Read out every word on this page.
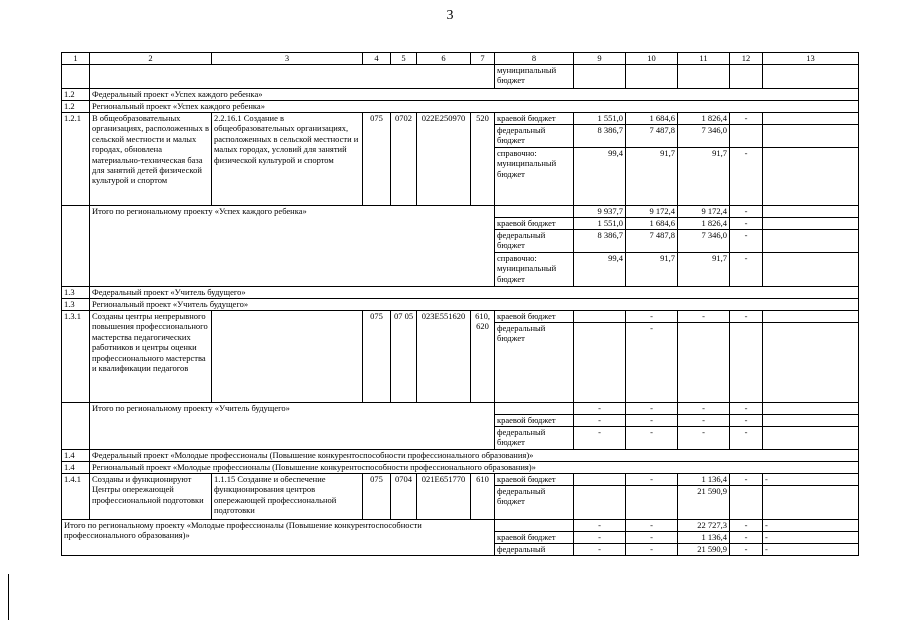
3
1	2	3	4	5	6	7	8	9	10	11	12	13
							муниципальный бюджет					
1.2	Федеральный проект «Успех каждого ребенка»											
1.2	Региональный проект «Успех каждого ребенка»											
1.2.1	В общеобразовательных организациях, расположенных в сельской местности и малых городах, обновлена материально-техническая база для занятий детей физической культурой и спортом	2.2.16.1 Создание в общеобразовательных организациях, расположенных в сельской местности и малых городах, условий для занятий физической культурой и спортом	075	0702	022E250970	520	краевой бюджет	1 551,0	1 684,6	1 826,4	-	
							федеральный бюджет	8 386,7	7 487,8	7 346,0		
							справочно: муниципальный бюджет	99,4	91,7	91,7	-	
	Итого по региональному проекту «Успех каждого ребенка»							9 937,7	9 172,4	9 172,4	-	
							краевой бюджет	1 551,0	1 684,6	1 826,4	-	
							федеральный бюджет	8 386,7	7 487,8	7 346,0	-	
							справочно: муниципальный бюджет	99,4	91,7	91,7	-	
1.3	Федеральный проект «Учитель будущего»											
1.3	Региональный проект «Учитель будущего»											
1.3.1	Созданы центры непрерывного повышения профессионального мастерства педагогических работников и центры оценки профессионального мастерства и квалификации педагогов		075	07 05	023E551620	610, 620	краевой бюджет		-	-	-	
							федеральный бюджет		-			
	Итого по региональному проекту «Учитель будущего»							-	-	-	-	
							краевой бюджет	-	-	-	-	
							федеральный бюджет	-	-	-	-	
1.4	Федеральный проект «Молодые профессионалы (Повышение конкурентоспособности профессионального образования)»											
1.4	Региональный проект «Молодые профессионалы (Повышение конкурентоспособности профессионального образования)»											
1.4.1	Созданы и функционируют Центры опережающей профессиональной подготовки	1.1.15 Создание и обеспечение функционирования центров опережающей профессиональной подготовки	075	0704	021E651770	610	краевой бюджет		-	1 136,4	-	-
							федеральный бюджет			21 590,9		
Итого по региональному проекту «Молодые профессионалы (Повышение конкурентоспособности профессионального образования)»								-	-	22 727,3	-	-
							краевой бюджет	-	-	1 136,4	-	-
							федеральный	-	-	21 590,9	-	-
